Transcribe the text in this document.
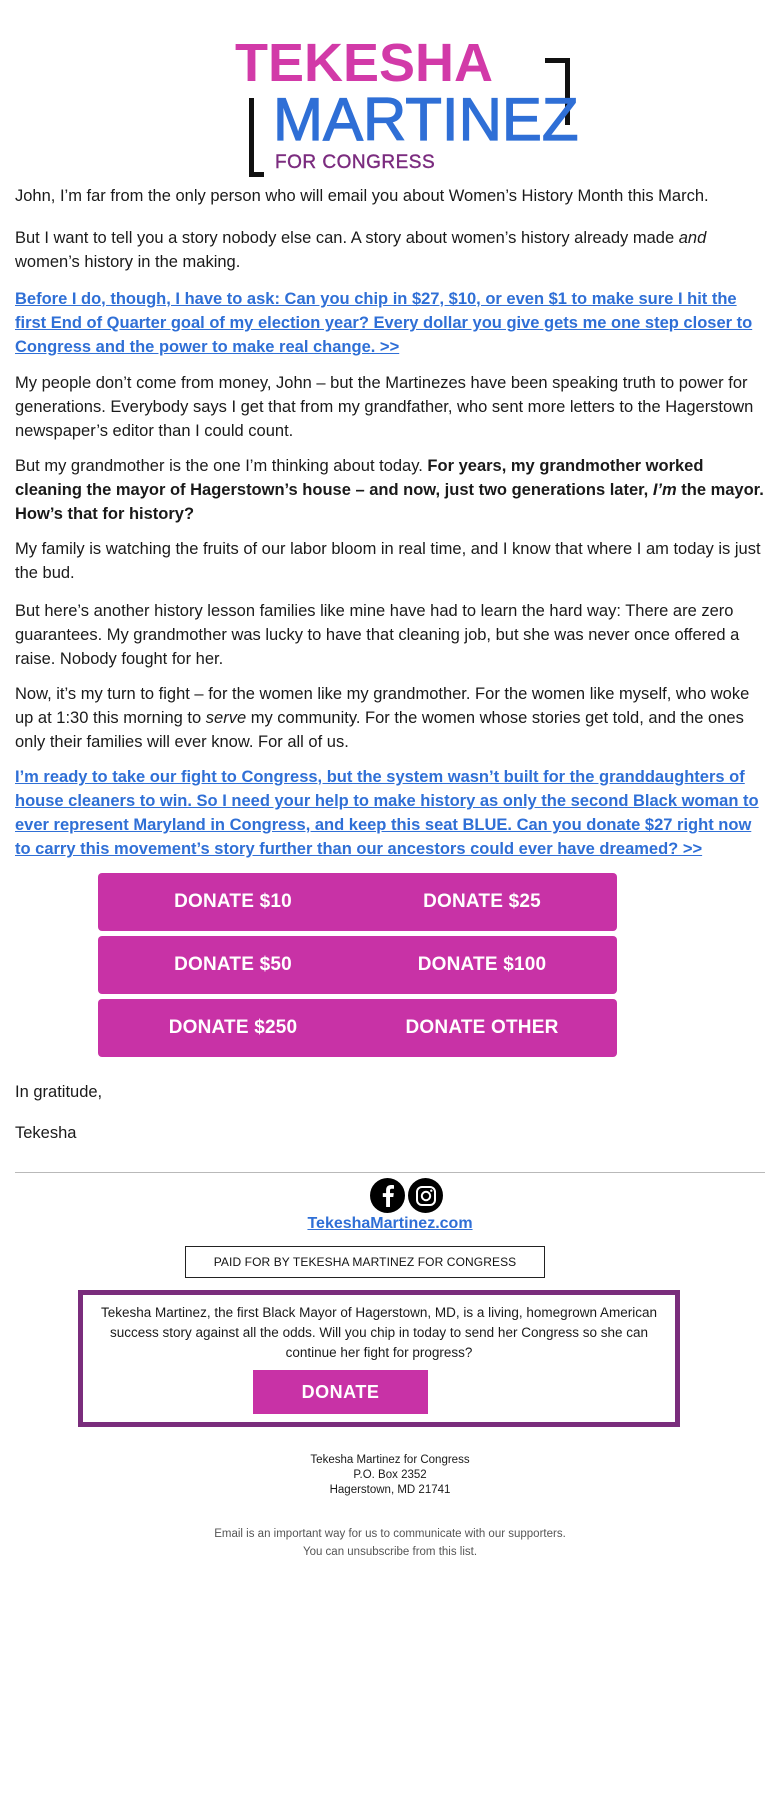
TEKESHA
MARTINEZ
FOR CONGRESS

John, I’m far from the only person who will email you about Women’s History Month this March.

But I want to tell you a story nobody else can. A story about women’s history already made and women’s history in the making.

Before I do, though, I have to ask: Can you chip in $27, $10, or even $1 to make sure I hit the first End of Quarter goal of my election year? Every dollar you give gets me one step closer to Congress and the power to make real change. >>

My people don’t come from money, John – but the Martinezes have been speaking truth to power for generations. Everybody says I get that from my grandfather, who sent more letters to the Hagerstown newspaper’s editor than I could count.

But my grandmother is the one I’m thinking about today. For years, my grandmother worked cleaning the mayor of Hagerstown’s house – and now, just two generations later, I’m the mayor. How’s that for history?

My family is watching the fruits of our labor bloom in real time, and I know that where I am today is just the bud.

But here’s another history lesson families like mine have had to learn the hard way: There are zero guarantees. My grandmother was lucky to have that cleaning job, but she was never once offered a raise. Nobody fought for her.

Now, it’s my turn to fight – for the women like my grandmother. For the women like myself, who woke up at 1:30 this morning to serve my community. For the women whose stories get told, and the ones only their families will ever know. For all of us.

I’m ready to take our fight to Congress, but the system wasn’t built for the granddaughters of house cleaners to win. So I need your help to make history as only the second Black woman to ever represent Maryland in Congress, and keep this seat BLUE. Can you donate $27 right now to carry this movement’s story further than our ancestors could ever have dreamed? >>

DONATE $10	DONATE $25
DONATE $50	DONATE $100
DONATE $250	DONATE OTHER

In gratitude,

Tekesha

TekeshaMartinez.com
PAID FOR BY TEKESHA MARTINEZ FOR CONGRESS
Tekesha Martinez, the first Black Mayor of Hagerstown, MD, is a living, homegrown American success story against all the odds. Will you chip in today to send her Congress so she can continue her fight for progress?
DONATE
Tekesha Martinez for Congress
P.O. Box 2352
Hagerstown, MD 21741
Email is an important way for us to communicate with our supporters.
You can unsubscribe from this list.
